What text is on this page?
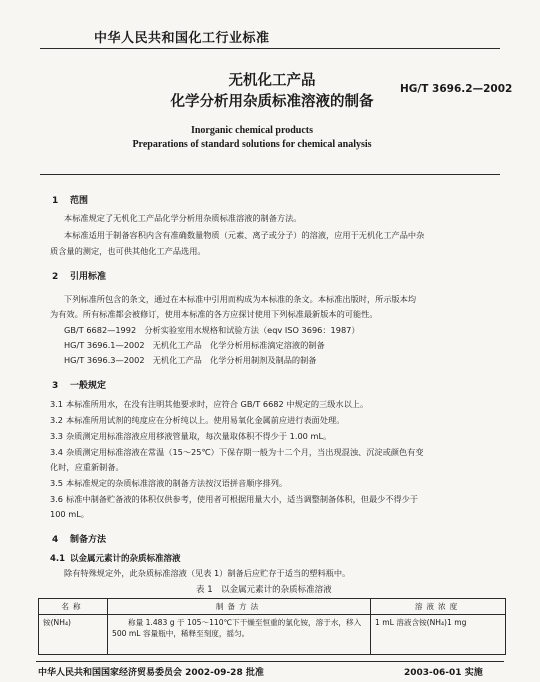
中华人民共和国化工行业标准
无机化工产品
化学分析用杂质标准溶液的制备
HG/T 3696.2—2002
Inorganic chemical products
Preparations of standard solutions for chemical analysis
1 范围
本标准规定了无机化工产品化学分析用杂质标准溶液的制备方法。
本标准适用于制备容积内含有准确数量物质（元素、离子或分子）的溶液，应用于无机化工产品中杂
质含量的测定，也可供其他化工产品选用。
2 引用标准
下列标准所包含的条文，通过在本标准中引用而构成为本标准的条文。本标准出版时，所示版本均
为有效。所有标准都会被修订，使用本标准的各方应探讨使用下列标准最新版本的可能性。
GB/T 6682—1992　分析实验室用水规格和试验方法（eqv ISO 3696：1987）
HG/T 3696.1—2002　无机化工产品　化学分析用标准滴定溶液的制备
HG/T 3696.3—2002　无机化工产品　化学分析用制剂及制品的制备
3 一般规定
3.1 本标准所用水，在没有注明其他要求时，应符合 GB/T 6682 中规定的三级水以上。
3.2 本标准所用试剂的纯度应在分析纯以上。使用易氧化金属前应进行表面处理。
3.3 杂质测定用标准溶液应用移液管量取，每次量取体积不得少于 1.00 mL。
3.4 杂质测定用标准溶液在常温（15～25℃）下保存期一般为十二个月，当出现混浊、沉淀或颜色有变
化时，应重新制备。
3.5 本标准规定的杂质标准溶液的制备方法按汉语拼音顺序排列。
3.6 标准中制备贮备液的体积仅供参考，使用者可根据用量大小，适当调整制备体积，但最少不得少于
100 mL。
4 制备方法
4.1 以金属元素计的杂质标准溶液
除有特殊规定外，此杂质标准溶液（见表 1）制备后应贮存于适当的塑料瓶中。
表 1　以金属元素计的杂质标准溶液
名称	制备方法	溶液浓度
铵(NH₄)	称量 1.483 g 于 105～110℃下干燥至恒重的氯化铵，溶于水，移入
500 mL 容量瓶中，稀释至刻度，摇匀。	1 mL 溶液含铵(NH₄)1 mg
中华人民共和国国家经济贸易委员会 2002-09-28 批准	2003-06-01 实施
